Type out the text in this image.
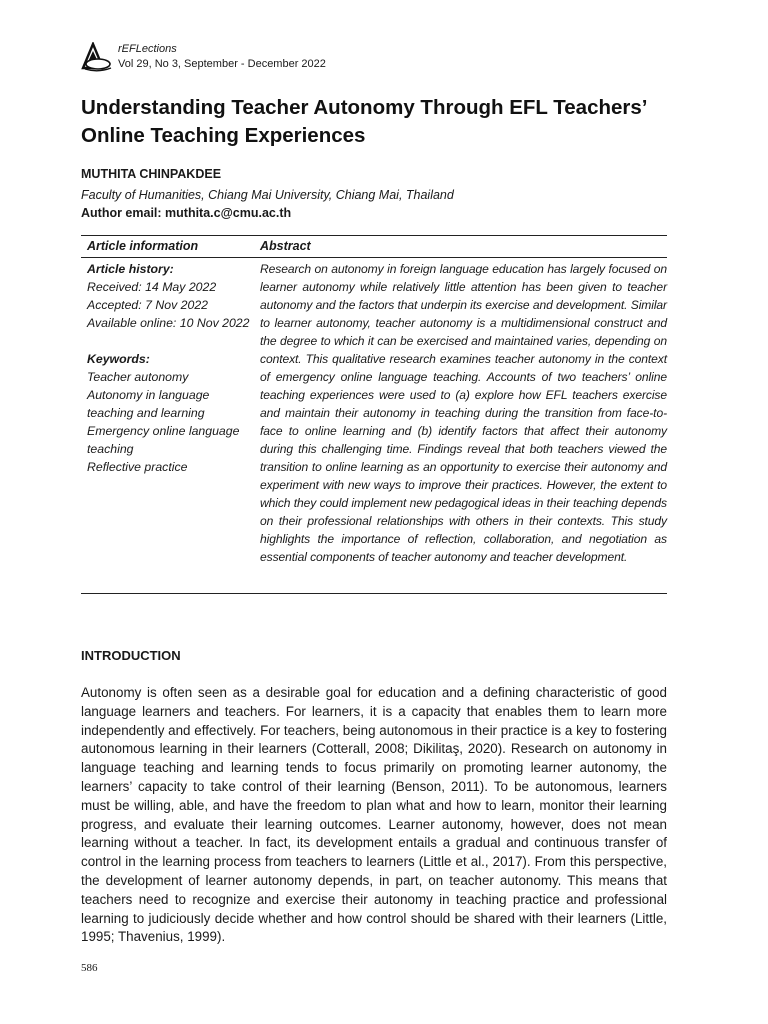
rEFLections
Vol 29, No 3, September - December 2022
Understanding Teacher Autonomy Through EFL Teachers’ Online Teaching Experiences
MUTHITA CHINPAKDEE
Faculty of Humanities, Chiang Mai University, Chiang Mai, Thailand
Author email: muthita.c@cmu.ac.th
Article information	Abstract
Article history:
Received: 14 May 2022
Accepted: 7 Nov 2022
Available online: 10 Nov 2022
Keywords:
Teacher autonomy
Autonomy in language
teaching and learning
Emergency online language
teaching
Reflective practice
Research on autonomy in foreign language education has largely focused on learner autonomy while relatively little attention has been given to teacher autonomy and the factors that underpin its exercise and development. Similar to learner autonomy, teacher autonomy is a multidimensional construct and the degree to which it can be exercised and maintained varies, depending on context. This qualitative research examines teacher autonomy in the context of emergency online language teaching. Accounts of two teachers’ online teaching experiences were used to (a) explore how EFL teachers exercise and maintain their autonomy in teaching during the transition from face-to-face to online learning and (b) identify factors that affect their autonomy during this challenging time. Findings reveal that both teachers viewed the transition to online learning as an opportunity to exercise their autonomy and experiment with new ways to improve their practices. However, the extent to which they could implement new pedagogical ideas in their teaching depends on their professional relationships with others in their contexts. This study highlights the importance of reflection, collaboration, and negotiation as essential components of teacher autonomy and teacher development.
INTRODUCTION

Autonomy is often seen as a desirable goal for education and a defining characteristic of good language learners and teachers. For learners, it is a capacity that enables them to learn more independently and effectively. For teachers, being autonomous in their practice is a key to fostering autonomous learning in their learners (Cotterall, 2008; Dikilitaş, 2020). Research on autonomy in language teaching and learning tends to focus primarily on promoting learner autonomy, the learners’ capacity to take control of their learning (Benson, 2011). To be autonomous, learners must be willing, able, and have the freedom to plan what and how to learn, monitor their learning progress, and evaluate their learning outcomes. Learner autonomy, however, does not mean learning without a teacher. In fact, its development entails a gradual and continuous transfer of control in the learning process from teachers to learners (Little et al., 2017). From this perspective, the development of learner autonomy depends, in part, on teacher autonomy. This means that teachers need to recognize and exercise their autonomy in teaching practice and professional learning to judiciously decide whether and how control should be shared with their learners (Little, 1995; Thavenius, 1999).

586
